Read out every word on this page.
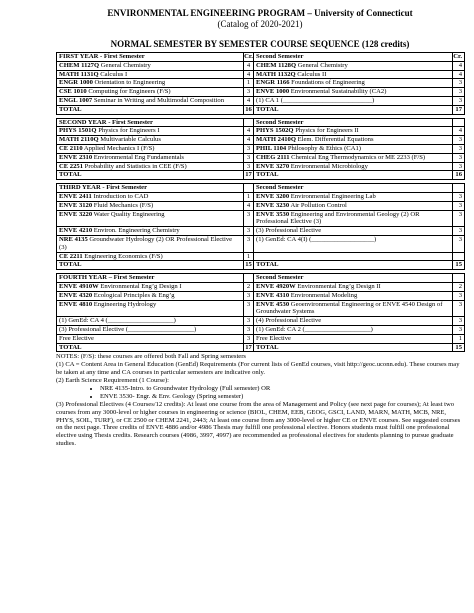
ENVIRONMENTAL ENGINEERING PROGRAM – University of Connecticut
(Catalog of 2020-2021)
NORMAL SEMESTER BY SEMESTER COURSE SEQUENCE (128 credits)
FIRST YEAR - First Semester	Cr.	Second Semester	Cr.
CHEM 1127Q General Chemistry	4	CHEM 1128Q General Chemistry	4
MATH 1131Q Calculus I	4	MATH 1132Q Calculus II	4
ENGR 1000 Orientation to Engineering	1	ENGR 1166 Foundations of Engineering	3
CSE 1010 Computing for Engineers (F/S)	3	ENVE 1000 Environmental Sustainability (CA2)	3
ENGL 1007 Seminar in Writing and Multimodal Composition	4	(1) CA 1 (___________________________)	3
TOTAL	16	TOTAL	17
SECOND YEAR - First Semester		Second Semester	
PHYS 1501Q Physics for Engineers I	4	PHYS 1502Q Physics for Engineers II	4
MATH 2110Q Multivariable Calculus	4	MATH 2410Q Elem. Differential Equations	3
CE 2110 Applied Mechanics I (F/S)	3	PHIL 1104 Philosophy & Ethics (CA1)	3
ENVE 2310 Environmental Eng Fundamentals	3	CHEG 2111 Chemical Eng Thermodynamics or ME 2233 (F/S)	3
CE 2251 Probability and Statistics in CEE (F/S)	3	ENVE 3270 Environmental Microbiology	3
TOTAL	17	TOTAL	16
THIRD YEAR - First Semester		Second Semester	
ENVE 2411 Introduction to CAD	1	ENVE 3200 Environmental Engineering Lab	3
ENVE 3120 Fluid Mechanics (F/S)	4	ENVE 3230 Air Pollution Control	3
ENVE 3220 Water Quality Engineering	3	ENVE 3530 Engineering and Environmental Geology (2) OR Professional Elective (3)	3
ENVE 4210 Environ. Engineering Chemistry	3	(3) Professional Elective	3
NRE 4135 Groundwater Hydrology (2) OR Professional Elective (3)	3	(1) GenEd: CA 4(I) (___________________)	3
CE 2211 Engineering Economics (F/S)	1		
TOTAL	15	TOTAL	15
FOURTH YEAR – First Semester		Second Semester	
ENVE 4910W Environmental Eng’g Design I	2	ENVE 4920W Environmental Eng’g Design II	2
ENVE 4320 Ecological Principles & Eng’g	3	ENVE 4310 Environmental Modeling	3
ENVE 4810 Engineering Hydrology	3	ENVE 4530 Geoenvironmental Engineering or ENVE 4540 Design of Groundwater Systems	3
(1) GenEd: CA 4 (____________________)	3	(4) Professional Elective	3
(3) Professional Elective (____________________)	3	(1) GenEd: CA 2 (____________________)	3
Free Elective	3	Free Elective	1
TOTAL	17	TOTAL	15

NOTES: (F/S): these courses are offered both Fall and Spring semesters

(1) CA = Content Area in General Education (GenEd) Requirements (For current lists of GenEd courses, visit http://geoc.uconn.edu). These courses may be taken at any time and CA courses in particular semesters are indicative only.

(2) Earth Science Requirement (1 Course):

• NRE 4135-Intro. to Groundwater Hydrology (Full semester) OR
• ENVE 3530- Engr. & Env. Geology (Spring semester)

(3) Professional Electives (4 Courses/12 credits): At least one course from the area of Management and Policy (see next page for courses); At least two courses from any 3000-level or higher courses in engineering or science (BIOL, CHEM, EEB, GEOG, GSCI, LAND, MARN, MATH, MCB, NRE, PHYS, SOIL, TURF), or CE 2500 or CHEM 2241, 2443; At least one course from any 3000-level or higher CE or ENVE courses. See suggested courses on the next page. Three credits of ENVE 4886 and/or 4986 Thesis may fulfill one professional elective. Honors students must fulfill one professional elective using Thesis credits. Research courses (4986, 3997, 4997) are recommended as professional electives for students planning to pursue graduate studies.
